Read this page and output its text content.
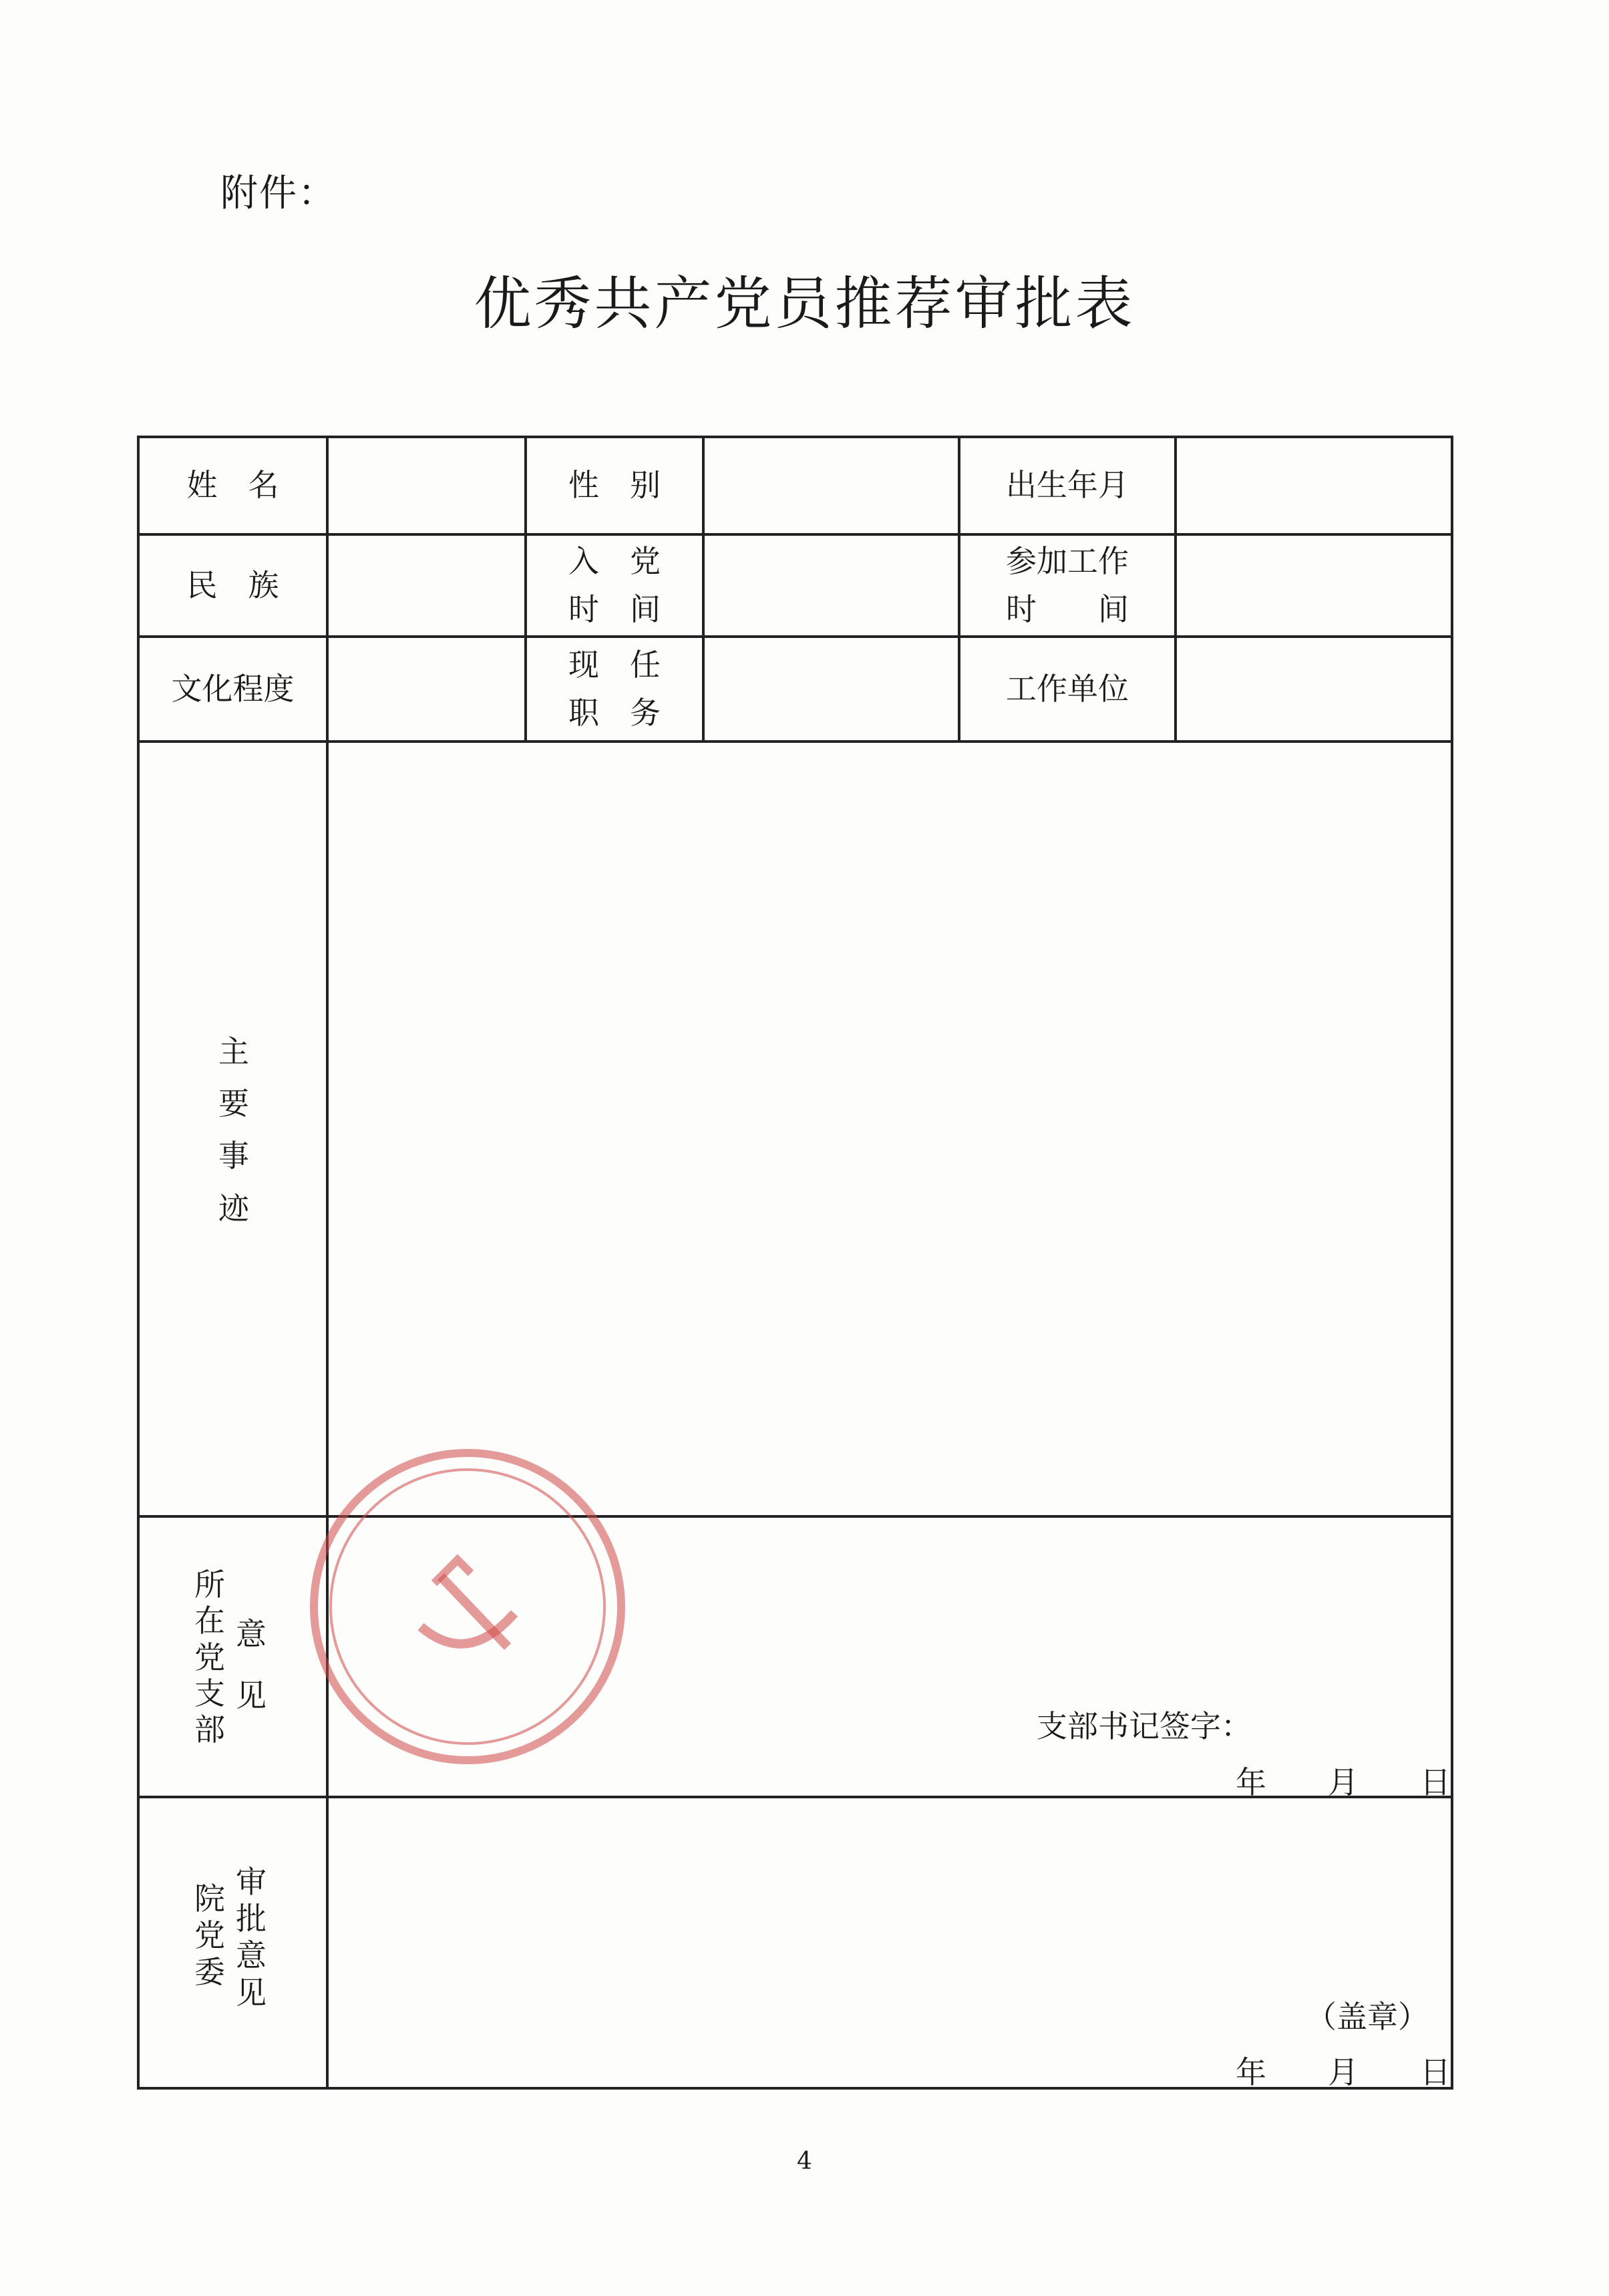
附件：
优秀共产党员推荐审批表
姓　名	性　别	出生年月
民　族
入　党
时　间
参加工作
时　　间
文化程度
现　任
职　务
工作单位
主
要
事
迹
所
在
党
支
部
意
见
支部书记签字：
年　　月　　日
院
党
委
审
批
意
见
（盖章）
年　　月　　日
4
